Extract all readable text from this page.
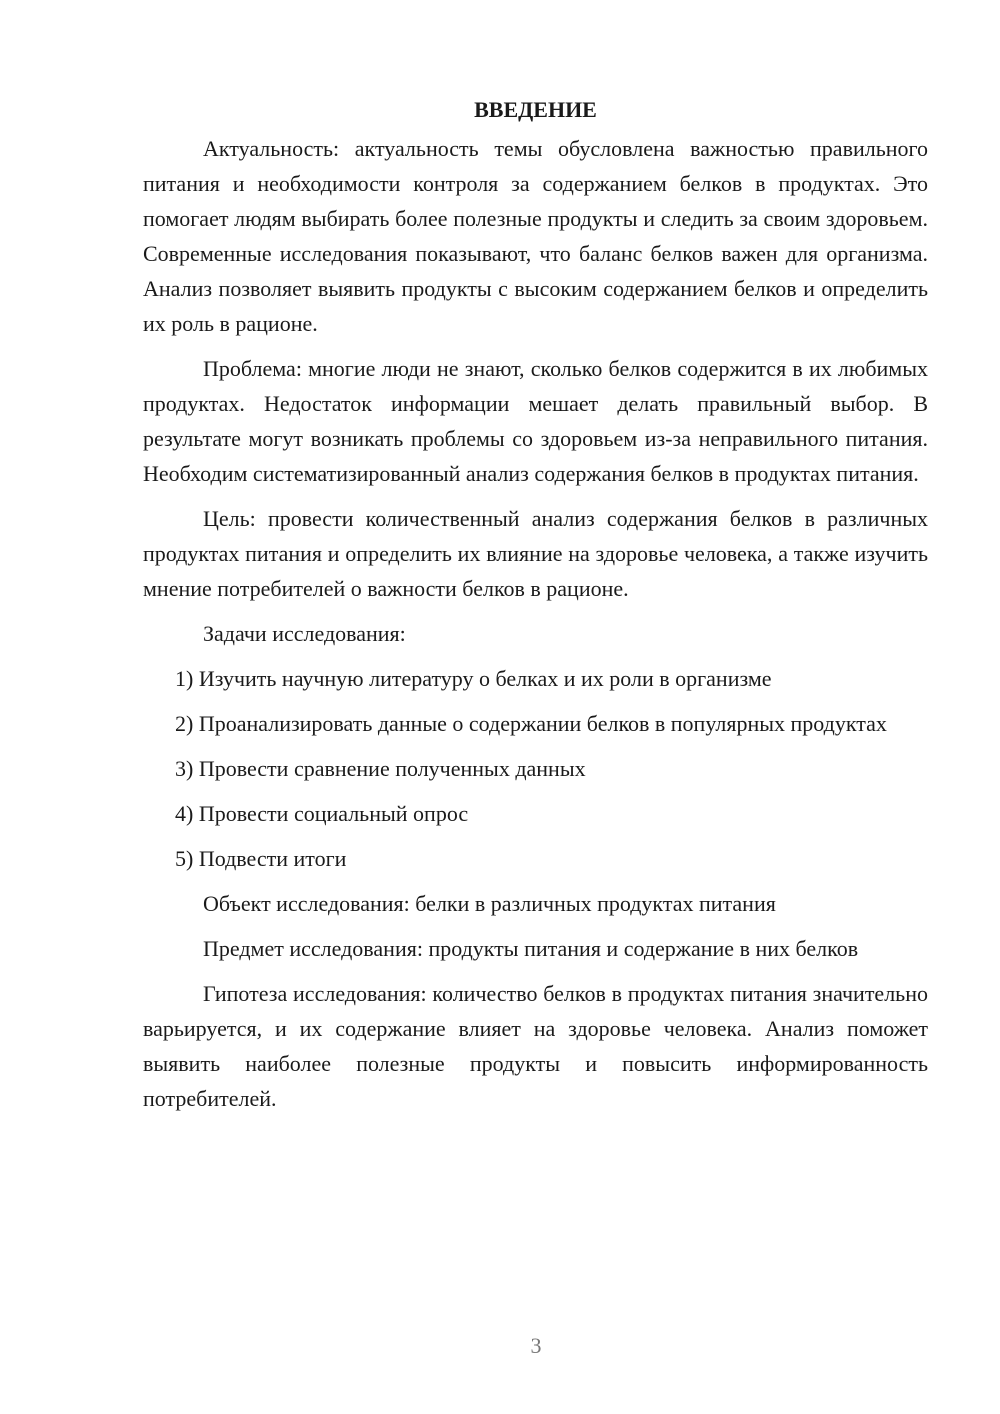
ВВЕДЕНИЕ

Актуальность: актуальность темы обусловлена важностью правильного питания и необходимости контроля за содержанием белков в продуктах. Это помогает людям выбирать более полезные продукты и следить за своим здоровьем. Современные исследования показывают, что баланс белков важен для организма. Анализ позволяет выявить продукты с высоким содержанием белков и определить их роль в рационе.

Проблема: многие люди не знают, сколько белков содержится в их любимых продуктах. Недостаток информации мешает делать правильный выбор. В результате могут возникать проблемы со здоровьем из-за неправильного питания. Необходим систематизированный анализ содержания белков в продуктах питания.

Цель: провести количественный анализ содержания белков в различных продуктах питания и определить их влияние на здоровье человека, а также изучить мнение потребителей о важности белков в рационе.

Задачи исследования:

1) Изучить научную литературу о белках и их роли в организме

2) Проанализировать данные о содержании белков в популярных продуктах

3) Провести сравнение полученных данных

4) Провести социальный опрос

5) Подвести итоги

Объект исследования: белки в различных продуктах питания

Предмет исследования: продукты питания и содержание в них белков

Гипотеза исследования: количество белков в продуктах питания значительно варьируется, и их содержание влияет на здоровье человека. Анализ поможет выявить наиболее полезные продукты и повысить информированность потребителей.

3
